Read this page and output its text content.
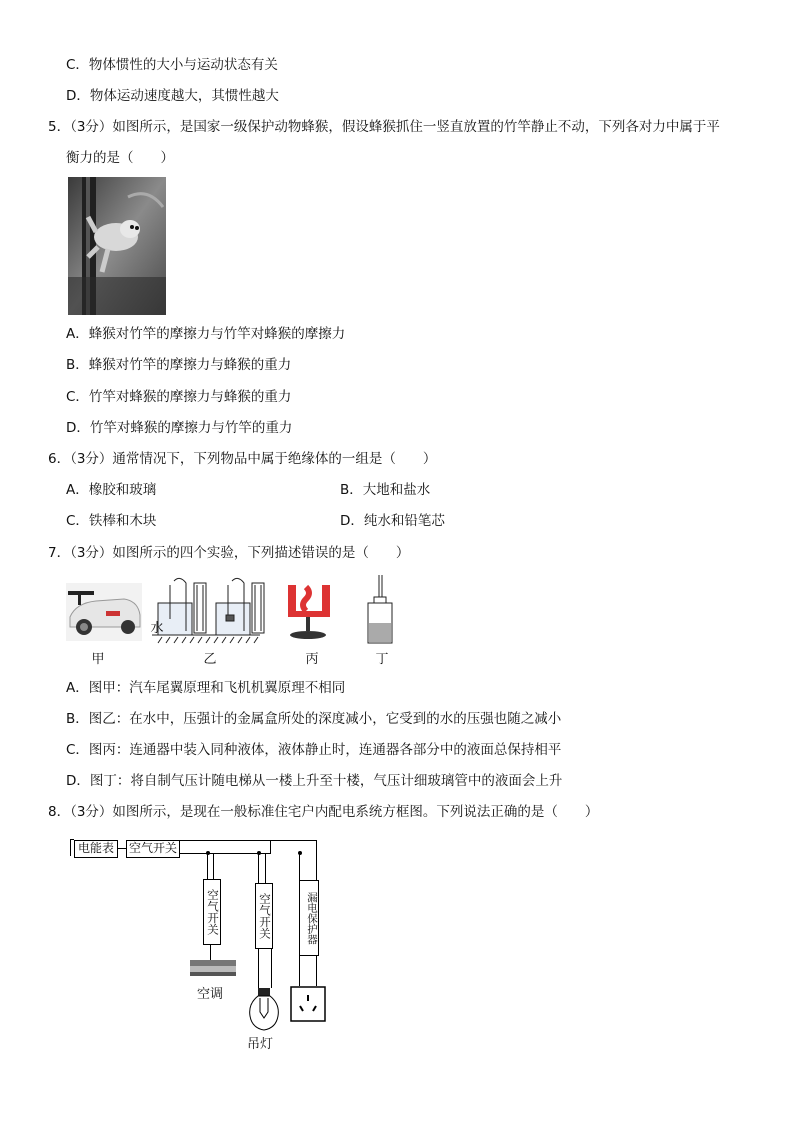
C．物体惯性的大小与运动状态有关
D．物体运动速度越大，其惯性越大
5．（3分）如图所示，是国家一级保护动物蜂猴，假设蜂猴抓住一竖直放置的竹竿静止不动，下列各对力中属于平
衡力的是（　　）
A．蜂猴对竹竿的摩擦力与竹竿对蜂猴的摩擦力
B．蜂猴对竹竿的摩擦力与蜂猴的重力
C．竹竿对蜂猴的摩擦力与蜂猴的重力
D．竹竿对蜂猴的摩擦力与竹竿的重力
6．（3分）通常情况下，下列物品中属于绝缘体的一组是（　　）
A．橡胶和玻璃	B．大地和盐水
C．铁棒和木块	D．纯水和铅笔芯
7．（3分）如图所示的四个实验，下列描述错误的是（　　）
水
甲	乙	丙	丁
A．图甲：汽车尾翼原理和飞机机翼原理不相同
B．图乙：在水中，压强计的金属盒所处的深度减小，它受到的水的压强也随之减小
C．图丙：连通器中装入同种液体，液体静止时，连通器各部分中的液面总保持相平
D．图丁：将自制气压计随电梯从一楼上升至十楼，气压计细玻璃管中的液面会上升
8．（3分）如图所示，是现在一般标准住宅户内配电系统方框图。下列说法正确的是（　　）
电能表	空气开关
空气开关	空气开关	漏电保护器
空调
吊灯
